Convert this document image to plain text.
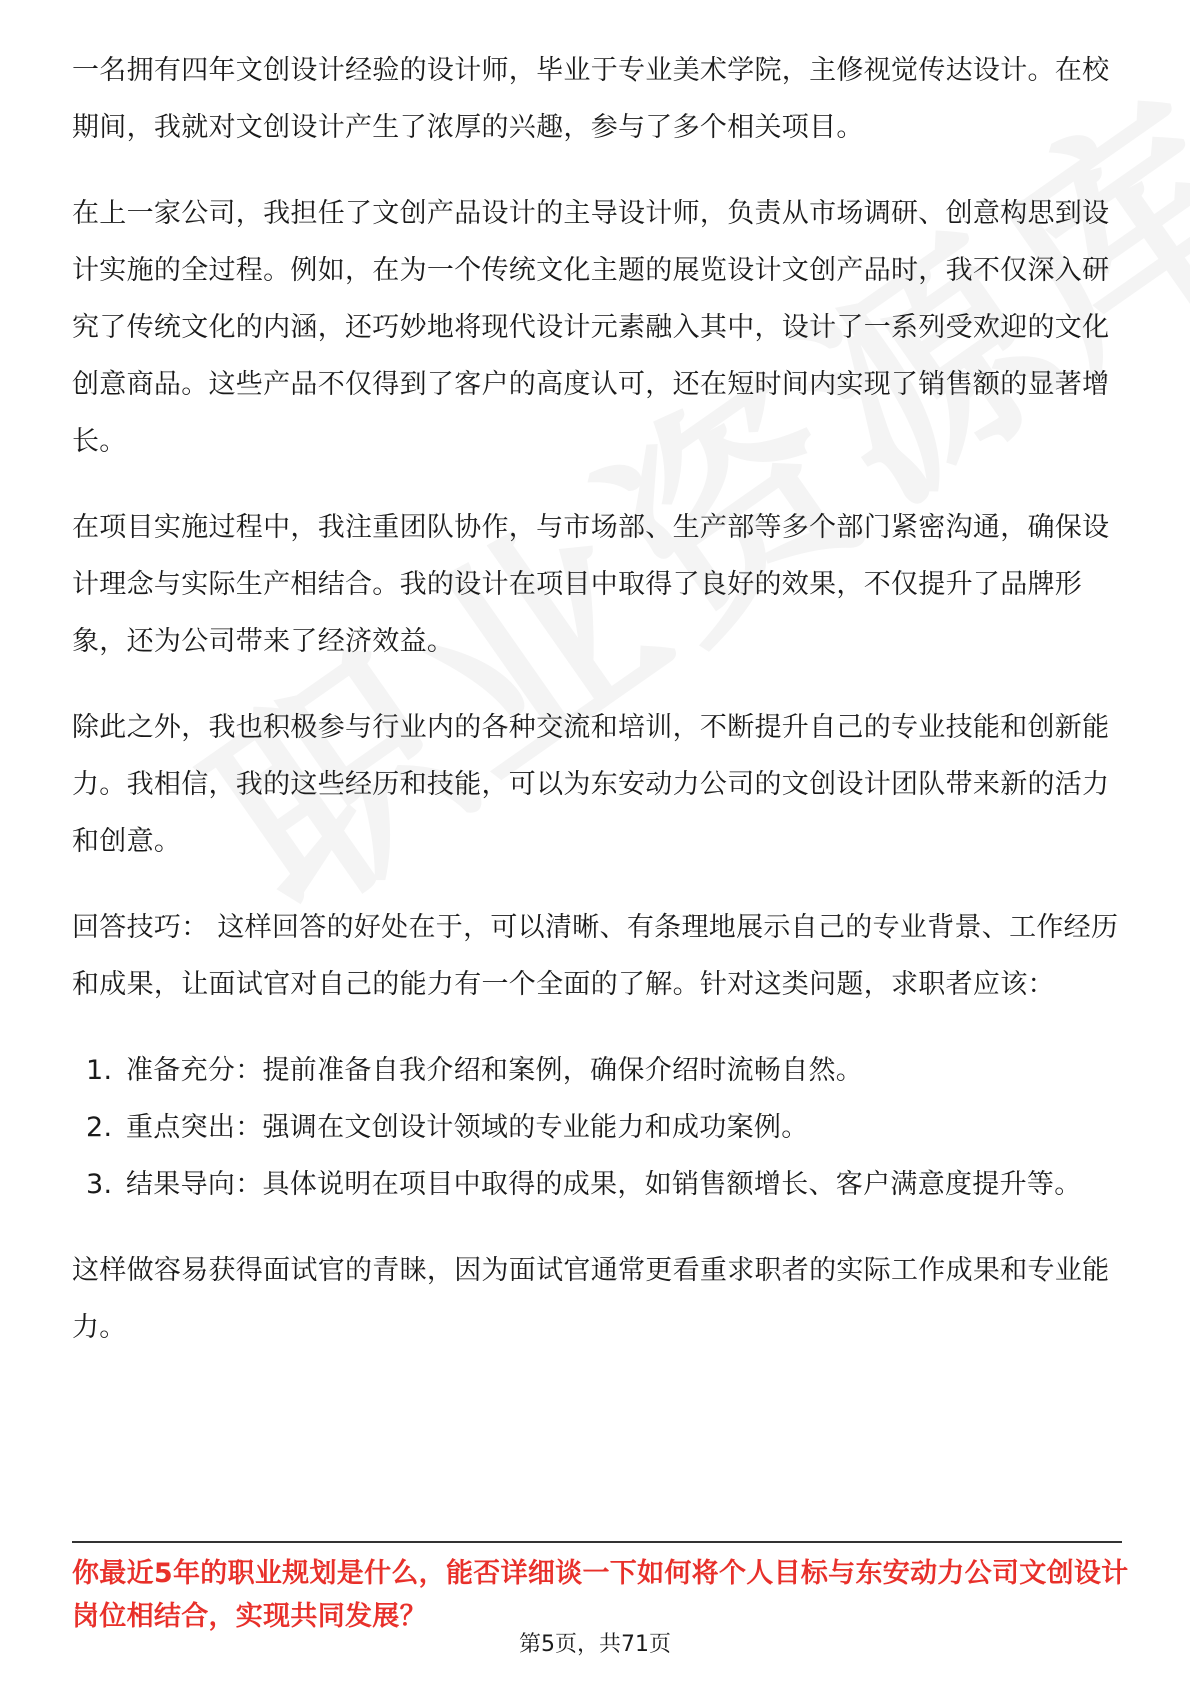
一名拥有四年文创设计经验的设计师，毕业于专业美术学院，主修视觉传达设计。在校期间，我就对文创设计产生了浓厚的兴趣，参与了多个相关项目。

在上一家公司，我担任了文创产品设计的主导设计师，负责从市场调研、创意构思到设计实施的全过程。例如，在为一个传统文化主题的展览设计文创产品时，我不仅深入研究了传统文化的内涵，还巧妙地将现代设计元素融入其中，设计了一系列受欢迎的文化创意商品。这些产品不仅得到了客户的高度认可，还在短时间内实现了销售额的显著增长。

在项目实施过程中，我注重团队协作，与市场部、生产部等多个部门紧密沟通，确保设计理念与实际生产相结合。我的设计在项目中取得了良好的效果，不仅提升了品牌形象，还为公司带来了经济效益。

除此之外，我也积极参与行业内的各种交流和培训，不断提升自己的专业技能和创新能力。我相信，我的这些经历和技能，可以为东安动力公司的文创设计团队带来新的活力和创意。

回答技巧： 这样回答的好处在于，可以清晰、有条理地展示自己的专业背景、工作经历和成果，让面试官对自己的能力有一个全面的了解。针对这类问题，求职者应该：

1. 准备充分：提前准备自我介绍和案例，确保介绍时流畅自然。
2. 重点突出：强调在文创设计领域的专业能力和成功案例。
3. 结果导向：具体说明在项目中取得的成果，如销售额增长、客户满意度提升等。

这样做容易获得面试官的青睐，因为面试官通常更看重求职者的实际工作成果和专业能力。

你最近5年的职业规划是什么，能否详细谈一下如何将个人目标与东安动力公司文创设计岗位相结合，实现共同发展？
第5页，共71页
